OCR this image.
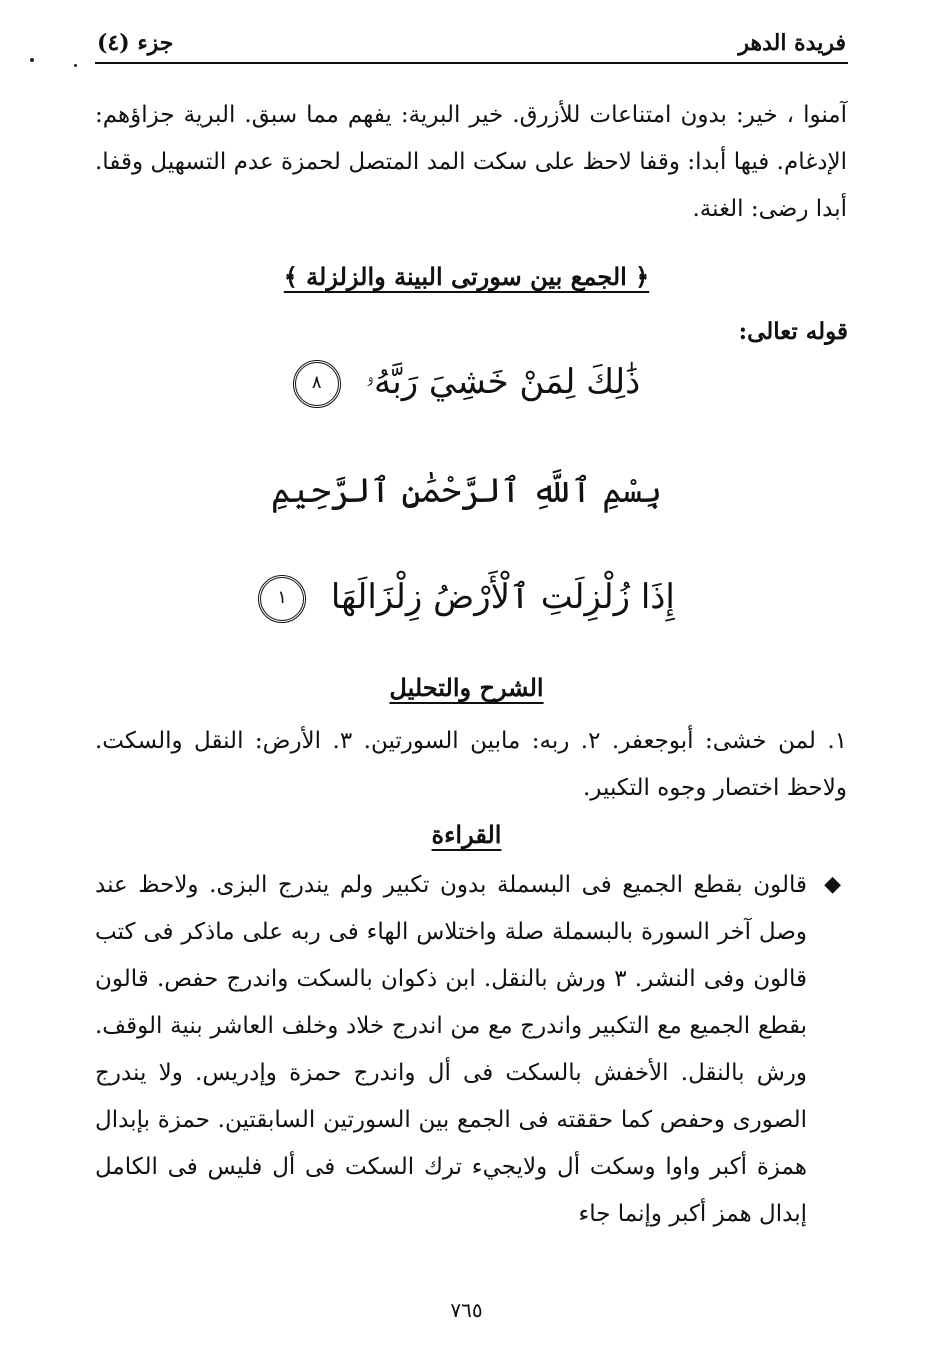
فريدة الدهر
جزء (٤)

آمنوا ، خير: بدون امتناعات للأزرق. خير البرية: يفهم مما سبق. البرية جزاؤهم: الإدغام. فيها أبدا: وقفا لاحظ على سكت المد المتصل لحمزة عدم التسهيل وقفا. أبدا رضى: الغنة.

﴿ الجمع بين سورتى البينة والزلزلة ﴾
قوله تعالى:
ذَٰلِكَ لِمَنْ خَشِيَ رَبَّهُۥ ٨
بِسْمِ ٱللَّهِ ٱلرَّحْمَٰنِ ٱلرَّحِيمِ
إِذَا زُلْزِلَتِ ٱلْأَرْضُ زِلْزَالَهَا ١
الشرح والتحليل

١. لمن خشى: أبوجعفر. ٢. ربه: مابين السورتين. ٣. الأرض: النقل والسكت. ولاحظ اختصار وجوه التكبير.

القراءة
◆

قالون بقطع الجميع فى البسملة بدون تكبير ولم يندرج البزى. ولاحظ عند وصل آخر السورة بالبسملة صلة واختلاس الهاء فى ربه على ماذكر فى كتب قالون وفى النشر. ٣ ورش بالنقل. ابن ذكوان بالسكت واندرج حفص. قالون بقطع الجميع مع التكبير واندرج مع من اندرج خلاد وخلف العاشر بنية الوقف. ورش بالنقل. الأخفش بالسكت فى أل واندرج حمزة وإدريس. ولا يندرج الصورى وحفص كما حققته فى الجمع بين السورتين السابقتين. حمزة بإبدال همزة أكبر واوا وسكت أل ولايجيء ترك السكت فى أل فليس فى الكامل إبدال همز أكبر وإنما جاء

٧٦٥
